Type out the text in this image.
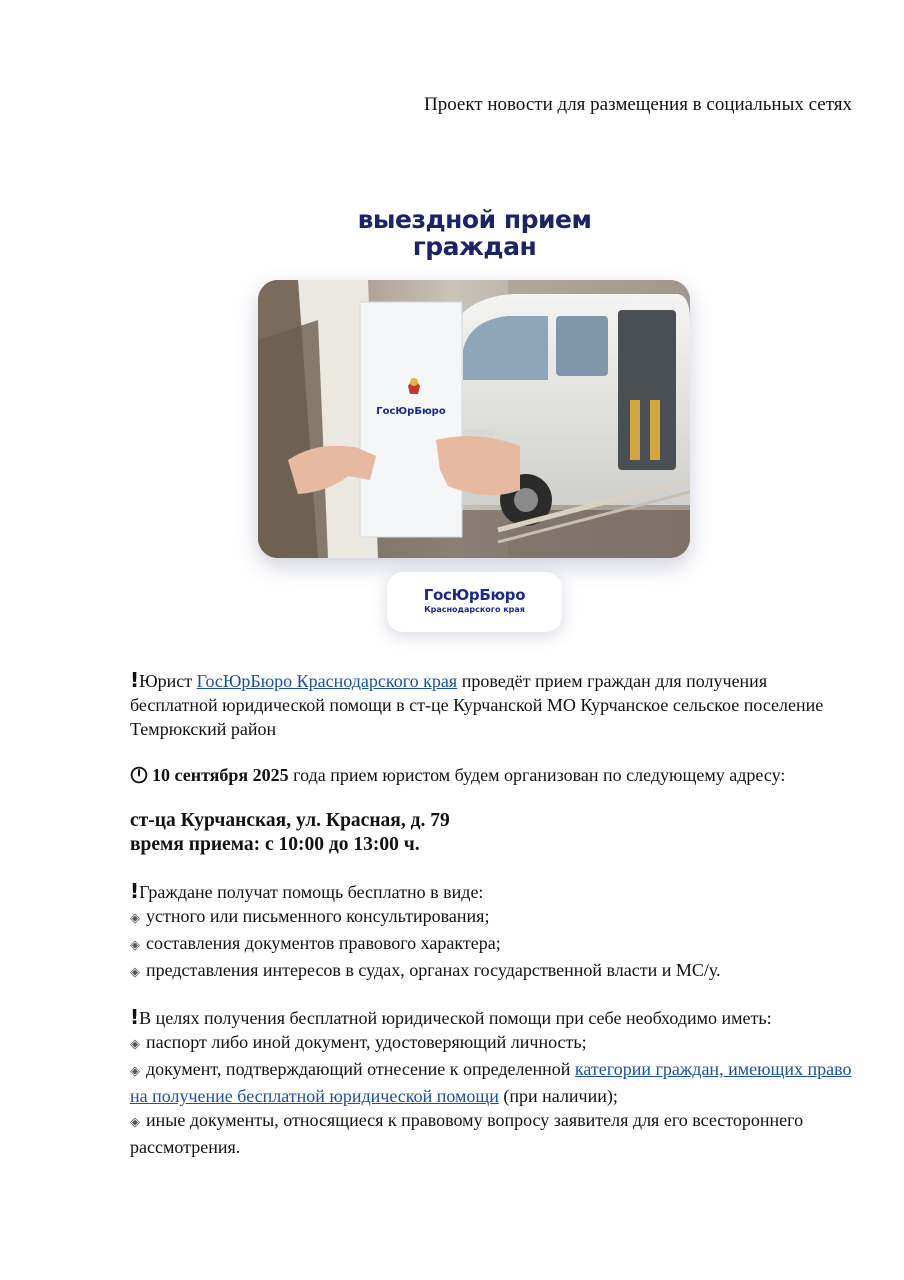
Проект новости для размещения в социальных сетях
выездной прием
граждан
ГосЮрБюро
ГосЮрБюро
Краснодарского края

!Юрист ГосЮрБюро Краснодарского края проведёт прием граждан для получения бесплатной юридической помощи в ст-це Курчанской МО Курчанское сельское поселение Темрюкский район

10 сентября 2025 года прием юристом будем организован по следующему адресу:

ст-ца Курчанская, ул. Красная, д. 79

время приема: с 10:00 до 13:00 ч.

!Граждане получат помощь бесплатно в виде:

◈ устного или письменного консультирования;

◈ составления документов правового характера;

◈ представления интересов в судах, органах государственной власти и МС/у.

!В целях получения бесплатной юридической помощи при себе необходимо иметь:

◈ паспорт либо иной документ, удостоверяющий личность;

◈ документ, подтверждающий отнесение к определенной категории граждан, имеющих право на получение бесплатной юридической помощи (при наличии);

◈ иные документы, относящиеся к правовому вопросу заявителя для его всестороннего рассмотрения.
